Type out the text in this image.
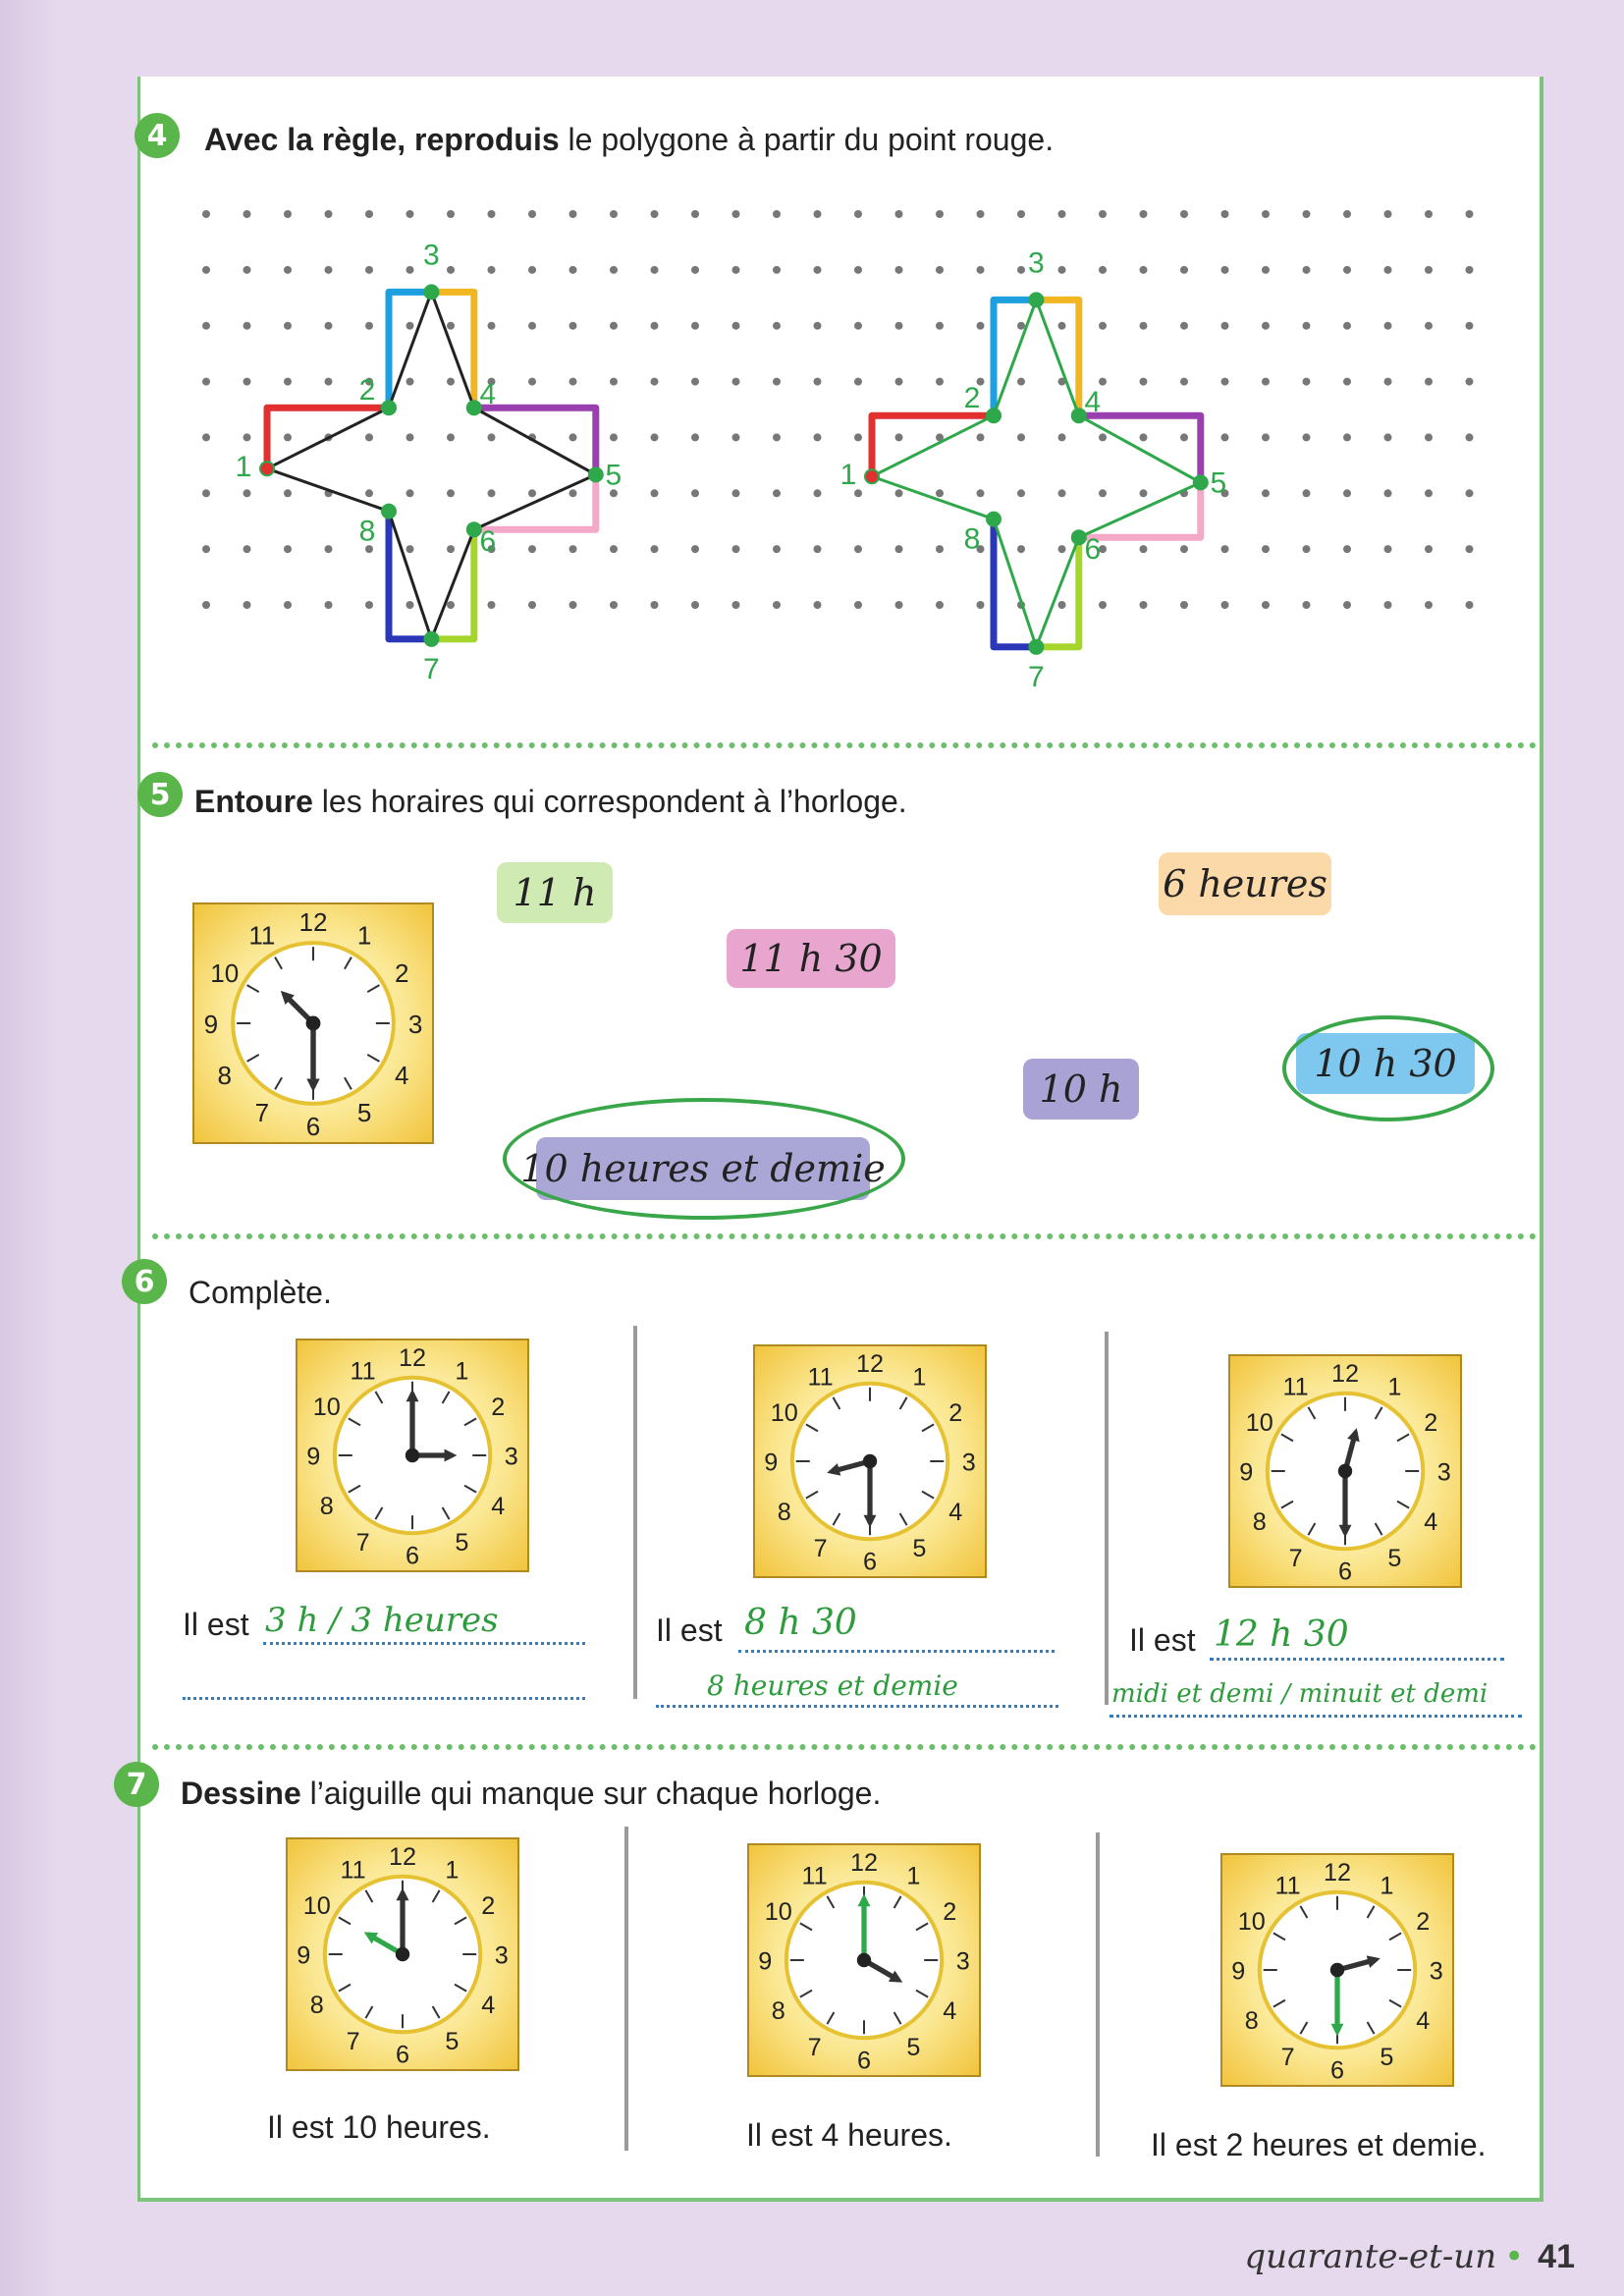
4	Avec la règle, reproduis le polygone à partir du point rouge.
1
2
3
4
5
6
7
8
1
2
3
4
5
6
7
8
5 Entoure les horaires qui correspondent à l’horloge.
12 1
2
3
4
5
6
7
8
9
10
11
11 h
11 h 30
6 heures
10 h 30
10 h
10 heures et demie
6	Complète.
12 1
2
3
4
5
6
7
8
9
10
11	12 1
2
3
4
5
6
7
8
9
10
11	12 1
2
3
4
5
6
7
8
9
10
11
Il est 3 h / 3 heures	Il est 8 h 30
8 heures et demie
Il est 12 h 30
midi et demi / minuit et demi
7	Dessine l’aiguille qui manque sur chaque horloge.
12 1
2
3
4
5
6
7
8
9
10
11	12 1
2
3
4
5
6
7
8
9
10
11	12 1
2
3
4
5
6
7
8
9
10
11
Il est 10 heures.	Il est 4 heures.	Il est 2 heures et demie.
quarante-et-un • 41
